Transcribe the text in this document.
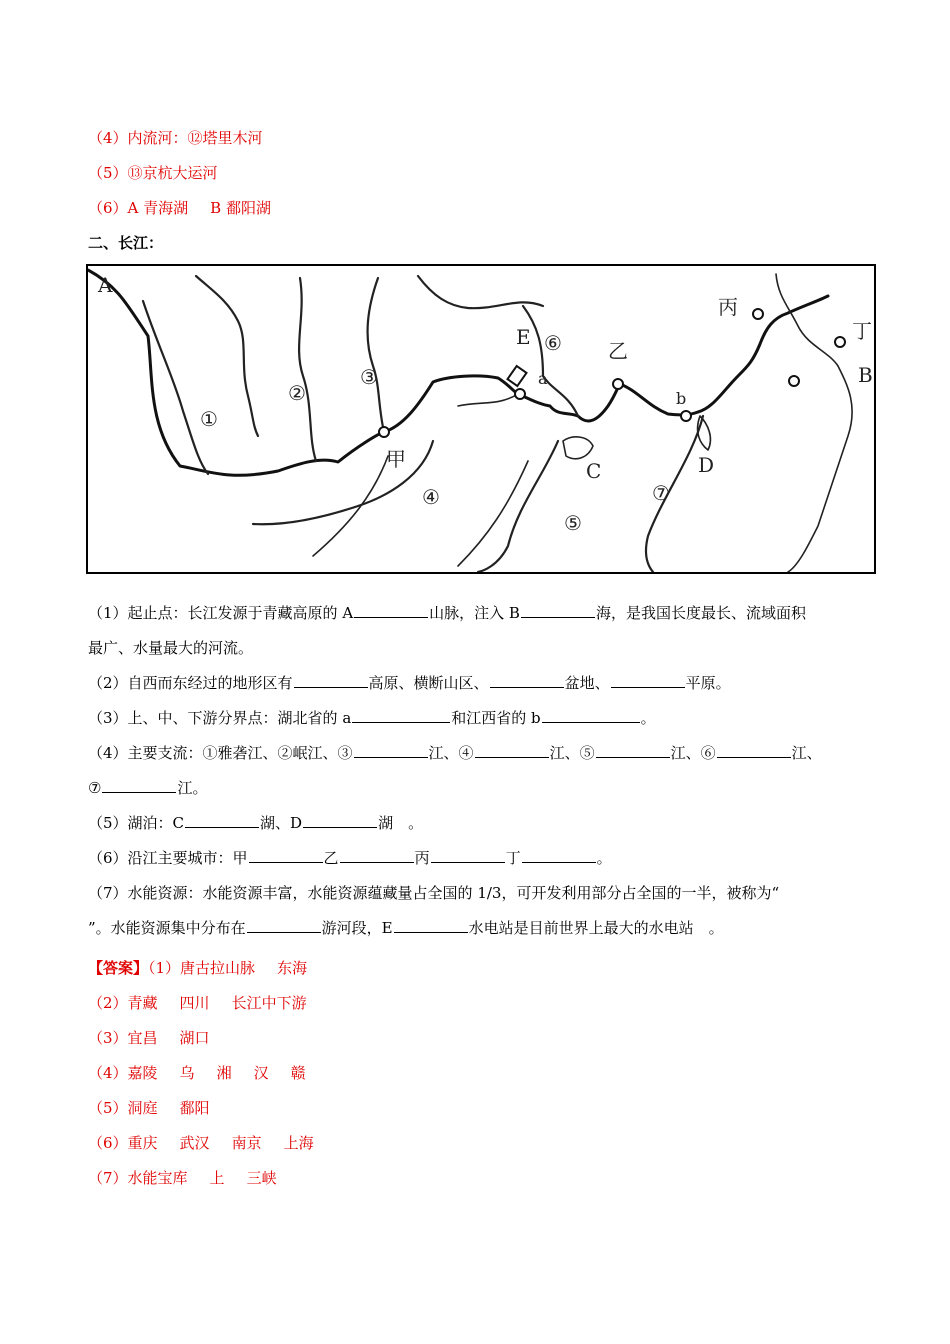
（4）内流河：⑫塔里木河
（5）⑬京杭大运河
（6）A 青海湖 B 鄱阳湖
二、长江：
A
B
C	D
E
a
b
甲
乙
丙
丁
①
②
③
④
⑤
⑥
⑦
（1）起止点：长江发源于青藏高原的 A	山脉，注入 B	海，是我国长度最长、流域面积
最广、水量最大的河流。
（2）自西而东经过的地形区有	高原、横断山区、	盆地、	平原。
（3）上、中、下游分界点：湖北省的 a	和江西省的 b	。
（4）主要支流：①雅砻江、②岷江、③	江、④	江、⑤	江、⑥	江、
⑦	江。
（5）湖泊：C	湖、D	湖　。
（6）沿江主要城市：甲	乙	丙	丁	。
（7）水能资源：水能资源丰富，水能资源蕴藏量占全国的 1/3，可开发利用部分占全国的一半，被称为“
”。水能资源集中分布在	游河段，E	水电站是目前世界上最大的水电站　。
【答案】（1）唐古拉山脉 东海
（2）青藏 四川 长江中下游
（3）宜昌 湖口
（4）嘉陵 乌 湘 汉 赣
（5）洞庭 鄱阳
（6）重庆 武汉 南京 上海
（7）水能宝库 上 三峡
